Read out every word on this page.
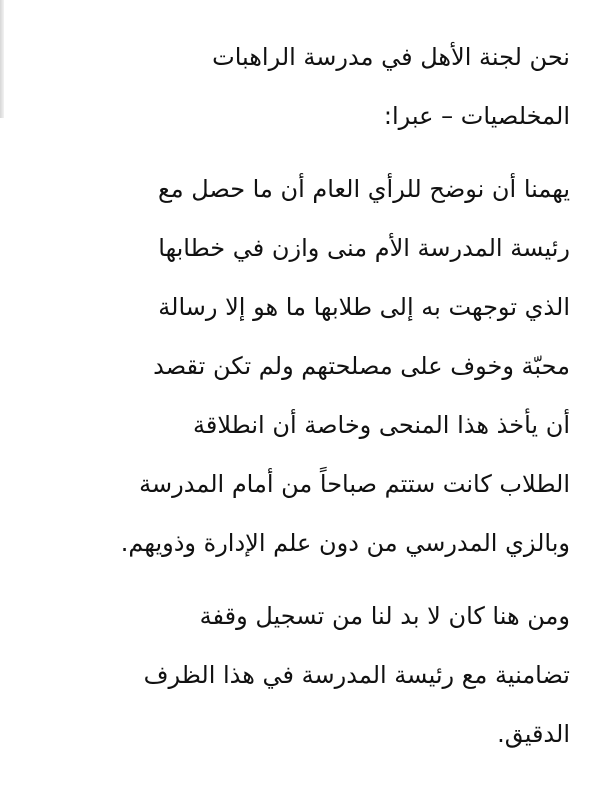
نحن لجنة الأهل في مدرسة الراهبات
المخلصيات – عبرا:

يهمنا أن نوضح للرأي العام أن ما حصل مع
رئيسة المدرسة الأم منى وازن في خطابها
الذي توجهت به إلى طلابها ما هو إلا رسالة
محبّة وخوف على مصلحتهم ولم تكن تقصد
أن يأخذ هذا المنحى وخاصة أن انطلاقة
الطلاب كانت ستتم صباحاً من أمام المدرسة
وبالزي المدرسي من دون علم الإدارة وذويهم.

ومن هنا كان لا بد لنا من تسجيل وقفة
تضامنية مع رئيسة المدرسة في هذا الظرف
الدقيق.
